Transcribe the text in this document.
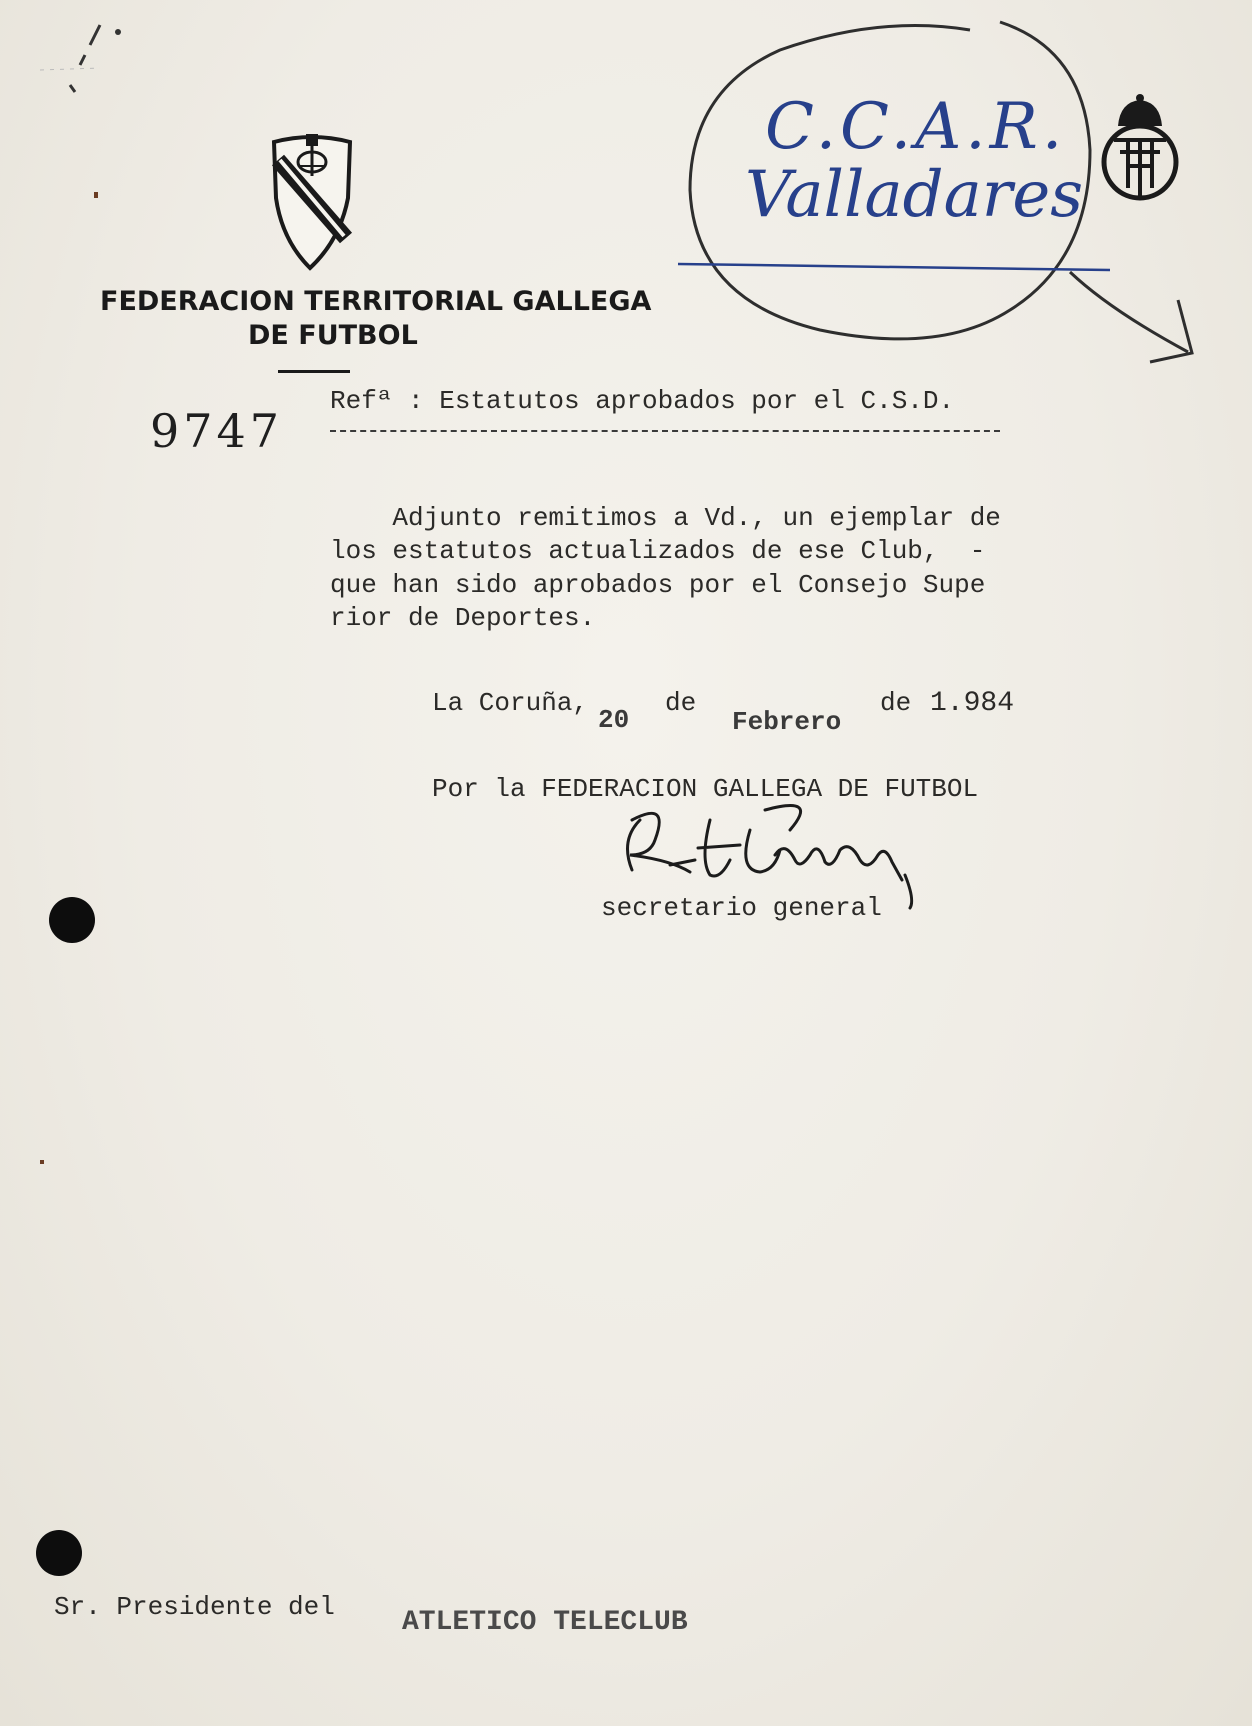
FEDERACION TERRITORIAL GALLEGA
DE FUTBOL
9747
Refª : Estatutos aprobados por el C.S.D.
Adjunto remitimos a Vd., un ejemplar de
los estatutos actualizados de ese Club,  -
que han sido aprobados por el Consejo Supe
rior de Deportes.
La Coruña,
20
de
Febrero
de 1.984
Por la FEDERACION GALLEGA DE FUTBOL
secretario general
C.C.A.R.
Valladares
Sr. Presidente del ATLETICO TELECLUB
